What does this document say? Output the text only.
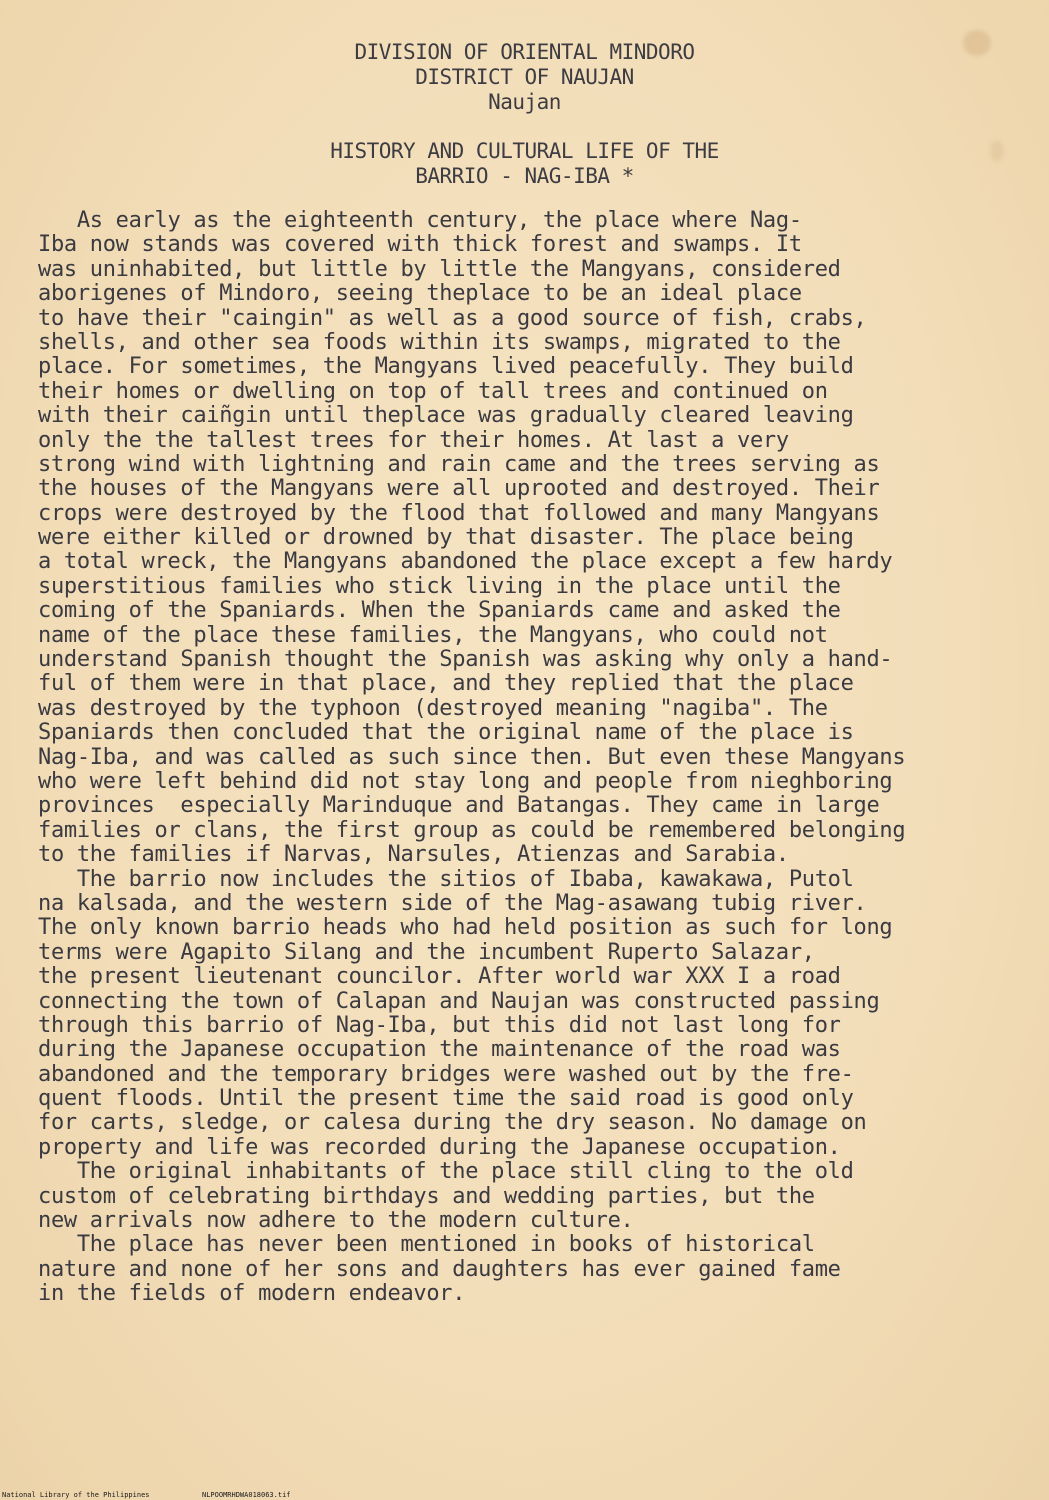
DIVISION OF ORIENTAL MINDORO
DISTRICT OF NAUJAN
Naujan
HISTORY AND CULTURAL LIFE OF THE
BARRIO - NAG-IBA *
As early as the eighteenth century, the place where Nag-
Iba now stands was covered with thick forest and swamps. It
was uninhabited, but little by little the Mangyans, considered
aborigenes of Mindoro, seeing theplace to be an ideal place
to have their "caingin" as well as a good source of fish, crabs,
shells, and other sea foods within its swamps, migrated to the
place. For sometimes, the Mangyans lived peacefully. They build
their homes or dwelling on top of tall trees and continued on
with their caiñgin until theplace was gradually cleared leaving
only the the tallest trees for their homes. At last a very
strong wind with lightning and rain came and the trees serving as
the houses of the Mangyans were all uprooted and destroyed. Their
crops were destroyed by the flood that followed and many Mangyans
were either killed or drowned by that disaster. The place being
a total wreck, the Mangyans abandoned the place except a few hardy
superstitious families who stick living in the place until the
coming of the Spaniards. When the Spaniards came and asked the
name of the place these families, the Mangyans, who could not
understand Spanish thought the Spanish was asking why only a hand-
ful of them were in that place, and they replied that the place
was destroyed by the typhoon (destroyed meaning "nagiba". The
Spaniards then concluded that the original name of the place is
Nag-Iba, and was called as such since then. But even these Mangyans
who were left behind did not stay long and people from nieghboring
provinces  especially Marinduque and Batangas. They came in large
families or clans, the first group as could be remembered belonging
to the families if Narvas, Narsules, Atienzas and Sarabia.
The barrio now includes the sitios of Ibaba, kawakawa, Putol
na kalsada, and the western side of the Mag-asawang tubig river.
The only known barrio heads who had held position as such for long
terms were Agapito Silang and the incumbent Ruperto Salazar,
the present lieutenant councilor. After world war XXX I a road
connecting the town of Calapan and Naujan was constructed passing
through this barrio of Nag-Iba, but this did not last long for
during the Japanese occupation the maintenance of the road was
abandoned and the temporary bridges were washed out by the fre-
quent floods. Until the present time the said road is good only
for carts, sledge, or calesa during the dry season. No damage on
property and life was recorded during the Japanese occupation.
The original inhabitants of the place still cling to the old
custom of celebrating birthdays and wedding parties, but the
new arrivals now adhere to the modern culture.
The place has never been mentioned in books of historical
nature and none of her sons and daughters has ever gained fame
in the fields of modern endeavor.
National Library of the Philippines	NLPOOMRHDWA018063.tif
